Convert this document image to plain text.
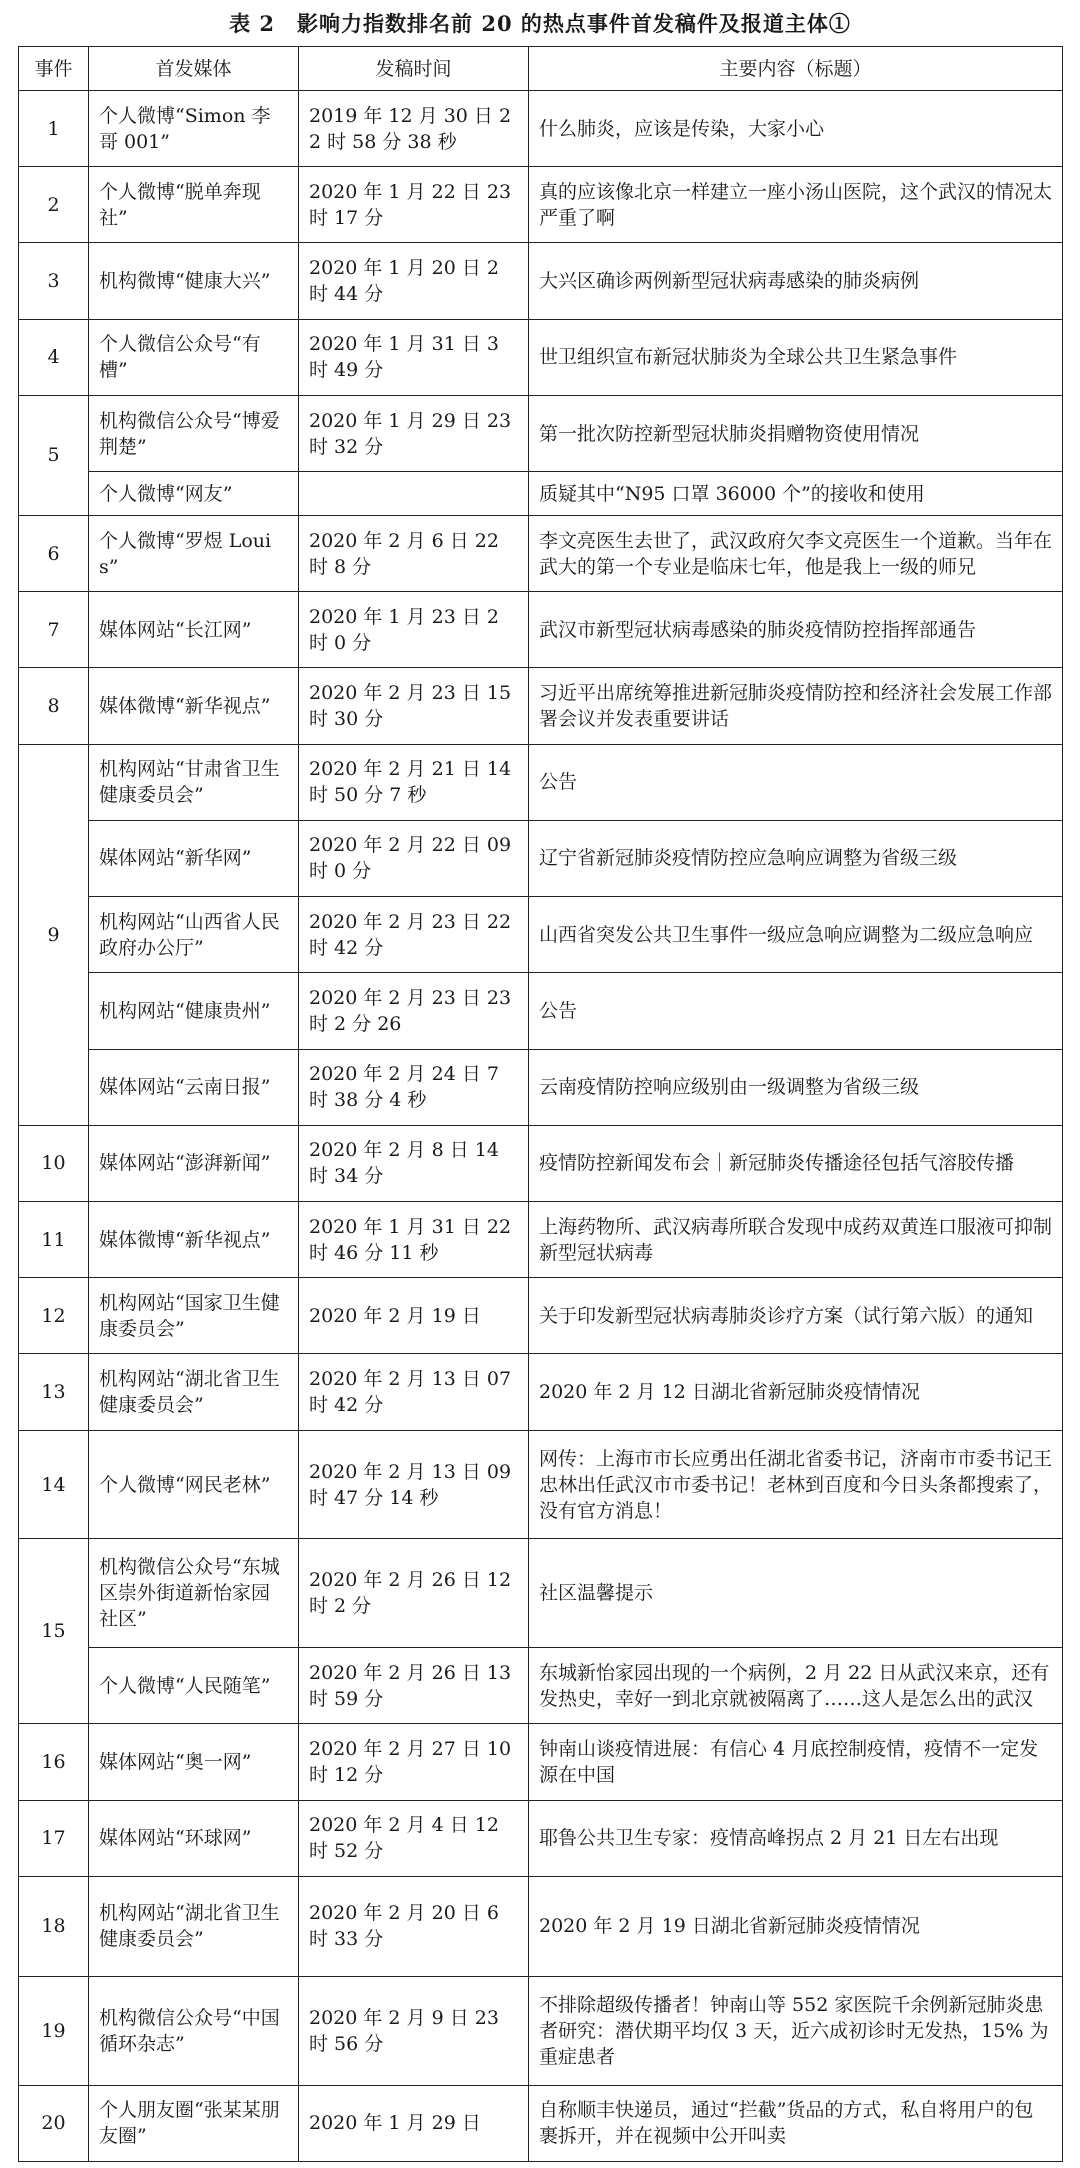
表 2　影响力指数排名前 20 的热点事件首发稿件及报道主体①
事件	首发媒体	发稿时间	主要内容（标题）
1	个人微博“Simon 李哥 001”	2019 年 12 月 30 日 22 时 58 分 38 秒	什么肺炎，应该是传染，大家小心
2	个人微博“脱单奔现社”	2020 年 1 月 22 日 23 时 17 分	真的应该像北京一样建立一座小汤山医院，这个武汉的情况太严重了啊
3	机构微博“健康大兴”	2020 年 1 月 20 日 2 时 44 分	大兴区确诊两例新型冠状病毒感染的肺炎病例
4	个人微信公众号“有槽”	2020 年 1 月 31 日 3 时 49 分	世卫组织宣布新冠状肺炎为全球公共卫生紧急事件
5	机构微信公众号“博爱荆楚”	2020 年 1 月 29 日 23 时 32 分	第一批次防控新型冠状肺炎捐赠物资使用情况
	个人微博“网友”		质疑其中“N95 口罩 36000 个”的接收和使用
6	个人微博“罗煜 Louis”	2020 年 2 月 6 日 22 时 8 分	李文亮医生去世了，武汉政府欠李文亮医生一个道歉。当年在武大的第一个专业是临床七年，他是我上一级的师兄
7	媒体网站“长江网”	2020 年 1 月 23 日 2 时 0 分	武汉市新型冠状病毒感染的肺炎疫情防控指挥部通告
8	媒体微博“新华视点”	2020 年 2 月 23 日 15 时 30 分	习近平出席统筹推进新冠肺炎疫情防控和经济社会发展工作部署会议并发表重要讲话
9	机构网站“甘肃省卫生健康委员会”	2020 年 2 月 21 日 14 时 50 分 7 秒	公告
	媒体网站“新华网”	2020 年 2 月 22 日 09 时 0 分	辽宁省新冠肺炎疫情防控应急响应调整为省级三级
	机构网站“山西省人民政府办公厅”	2020 年 2 月 23 日 22 时 42 分	山西省突发公共卫生事件一级应急响应调整为二级应急响应
	机构网站“健康贵州”	2020 年 2 月 23 日 23 时 2 分 26	公告
	媒体网站“云南日报”	2020 年 2 月 24 日 7 时 38 分 4 秒	云南疫情防控响应级别由一级调整为省级三级
10	媒体网站“澎湃新闻”	2020 年 2 月 8 日 14 时 34 分	疫情防控新闻发布会｜新冠肺炎传播途径包括气溶胶传播
11	媒体微博“新华视点”	2020 年 1 月 31 日 22 时 46 分 11 秒	上海药物所、武汉病毒所联合发现中成药双黄连口服液可抑制新型冠状病毒
12	机构网站“国家卫生健康委员会”	2020 年 2 月 19 日	关于印发新型冠状病毒肺炎诊疗方案（试行第六版）的通知
13	机构网站“湖北省卫生健康委员会”	2020 年 2 月 13 日 07 时 42 分	2020 年 2 月 12 日湖北省新冠肺炎疫情情况
14	个人微博“网民老林”	2020 年 2 月 13 日 09 时 47 分 14 秒	网传：上海市市长应勇出任湖北省委书记，济南市市委书记王忠林出任武汉市市委书记！老林到百度和今日头条都搜索了，没有官方消息！
15	机构微信公众号“东城区崇外街道新怡家园社区”	2020 年 2 月 26 日 12 时 2 分	社区温馨提示
	个人微博“人民随笔”	2020 年 2 月 26 日 13 时 59 分	东城新怡家园出现的一个病例，2 月 22 日从武汉来京，还有发热史，幸好一到北京就被隔离了……这人是怎么出的武汉
16	媒体网站“奥一网”	2020 年 2 月 27 日 10 时 12 分	钟南山谈疫情进展：有信心 4 月底控制疫情，疫情不一定发源在中国
17	媒体网站“环球网”	2020 年 2 月 4 日 12 时 52 分	耶鲁公共卫生专家：疫情高峰拐点 2 月 21 日左右出现
18	机构网站“湖北省卫生健康委员会”	2020 年 2 月 20 日 6 时 33 分	2020 年 2 月 19 日湖北省新冠肺炎疫情情况
19	机构微信公众号“中国循环杂志”	2020 年 2 月 9 日 23 时 56 分	不排除超级传播者！钟南山等 552 家医院千余例新冠肺炎患者研究：潜伏期平均仅 3 天，近六成初诊时无发热，15% 为重症患者
20	个人朋友圈“张某某朋友圈”	2020 年 1 月 29 日	自称顺丰快递员，通过“拦截”货品的方式，私自将用户的包裹拆开，并在视频中公开叫卖
